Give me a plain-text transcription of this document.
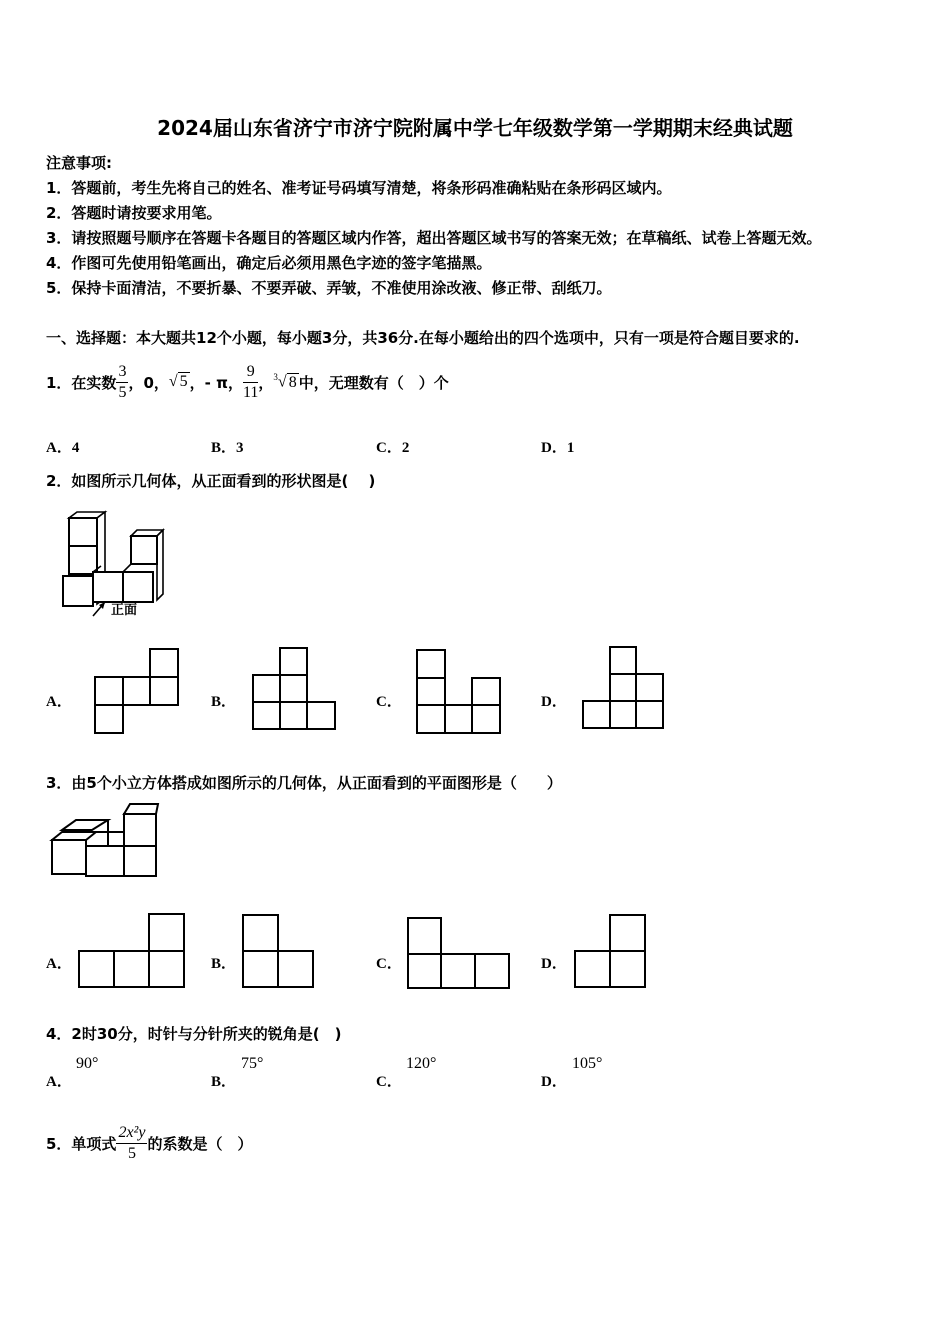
2024届山东省济宁市济宁院附属中学七年级数学第一学期期末经典试题
注意事项:
1．答题前，考生先将自己的姓名、准考证号码填写清楚，将条形码准确粘贴在条形码区域内。
2．答题时请按要求用笔。
3．请按照题号顺序在答题卡各题目的答题区域内作答，超出答题区域书写的答案无效；在草稿纸、试卷上答题无效。
4．作图可先使用铅笔画出，确定后必须用黑色字迹的签字笔描黑。
5．保持卡面清洁，不要折暴、不要弄破、弄皱，不准使用涂改液、修正带、刮纸刀。
一、选择题：本大题共12个小题，每小题3分，共36分.在每小题给出的四个选项中，只有一项是符合题目要求的.
1．在实数 $\frac{3}{5}$ ，0， √ 5 ，- π， $\frac{9}{11}$ ， $^3$√ 8 中，无理数有（　）个
A．4	B．3	C．2	D．1
2．如图所示几何体，从正面看到的形状图是(　 )
正面
A．	B．	C．	D．
3．由5个小立方体搭成如图所示的几何体，从正面看到的平面图形是（　　）
A．	B．	C．	D．
4．2时30分，时针与分针所夹的锐角是(　)
A．
90°
B．
75°
C．
120°
D．
105°
5．单项式 $\frac{\text{2x²y}}{5}$ 的系数是（　）
